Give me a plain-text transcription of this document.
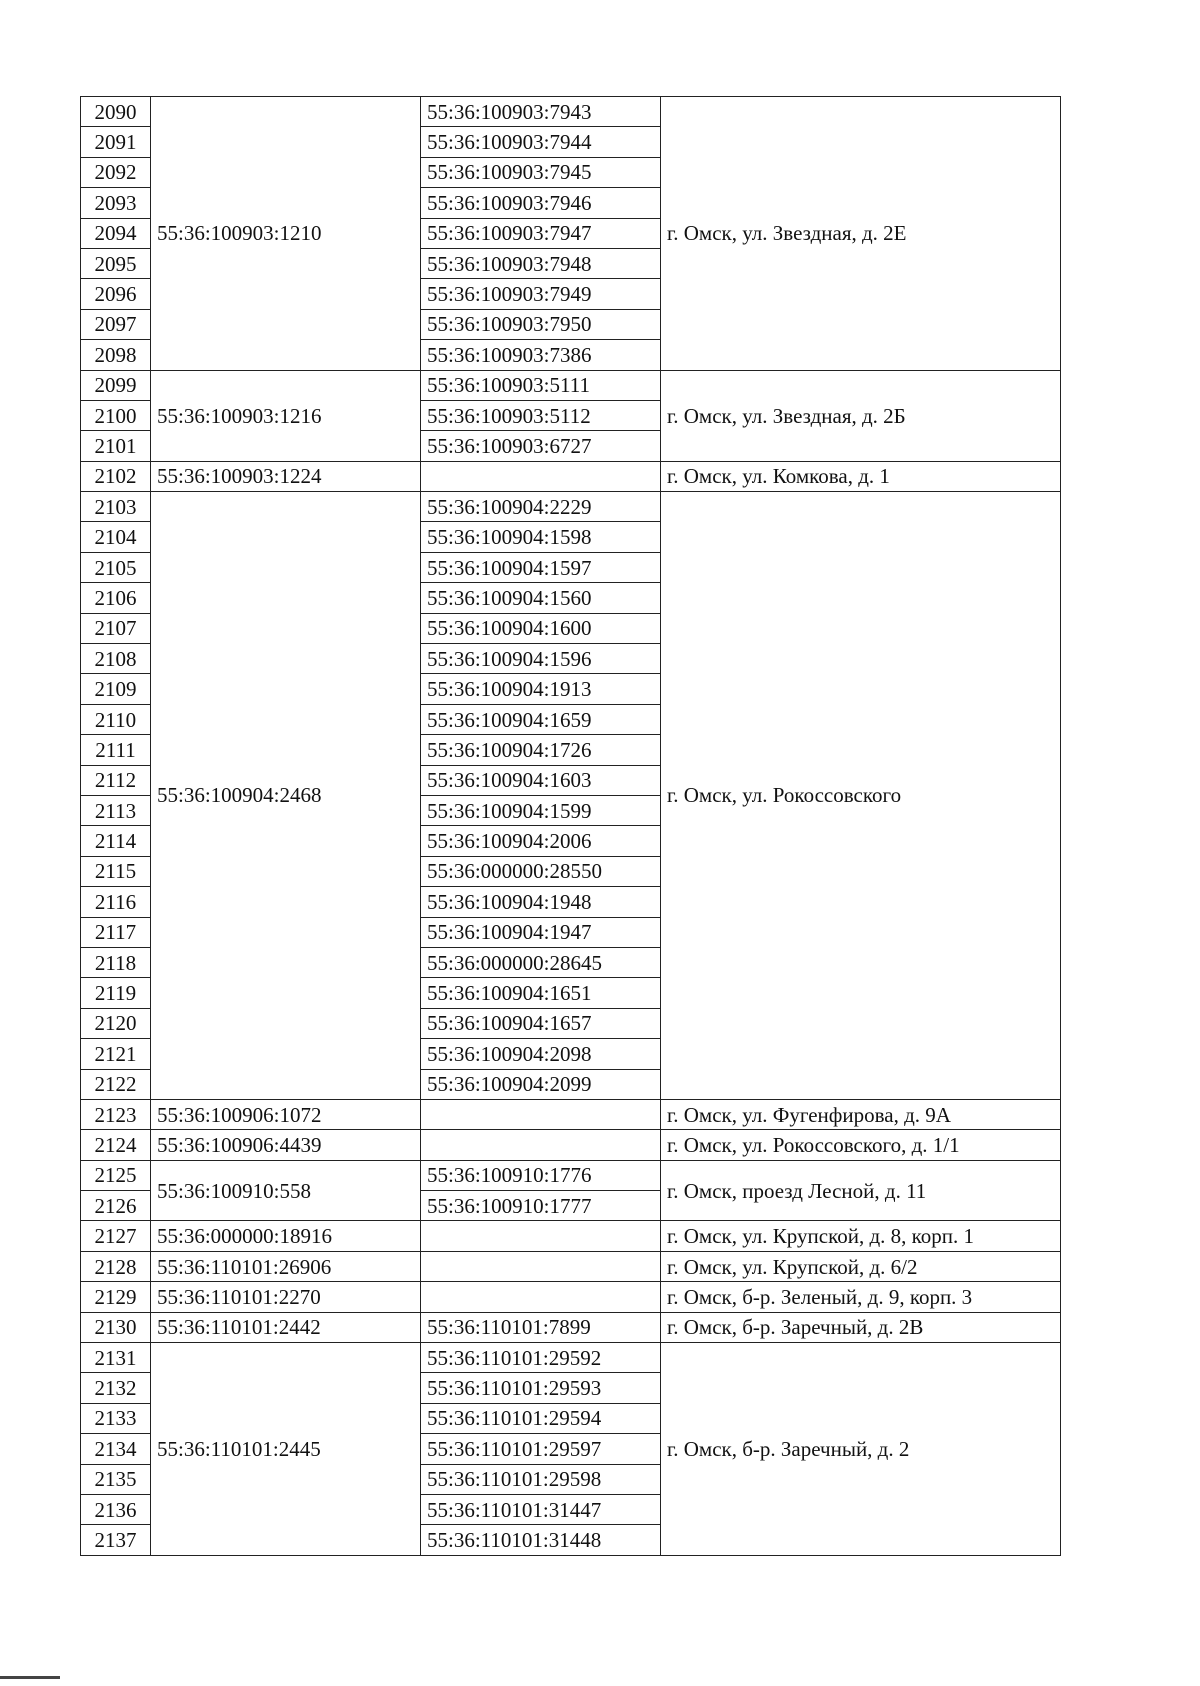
2090	55:36:100903:1210	55:36:100903:7943	г. Омск, ул. Звездная, д. 2Е
2091		55:36:100903:7944	
2092		55:36:100903:7945	
2093		55:36:100903:7946	
2094		55:36:100903:7947	
2095		55:36:100903:7948	
2096		55:36:100903:7949	
2097		55:36:100903:7950	
2098		55:36:100903:7386	
2099	55:36:100903:1216	55:36:100903:5111	г. Омск, ул. Звездная, д. 2Б
2100		55:36:100903:5112	
2101		55:36:100903:6727	
2102	55:36:100903:1224		г. Омск, ул. Комкова, д. 1
2103	55:36:100904:2468	55:36:100904:2229	г. Омск, ул. Рокоссовского
2104		55:36:100904:1598	
2105		55:36:100904:1597	
2106		55:36:100904:1560	
2107		55:36:100904:1600	
2108		55:36:100904:1596	
2109		55:36:100904:1913	
2110		55:36:100904:1659	
2111		55:36:100904:1726	
2112		55:36:100904:1603	
2113		55:36:100904:1599	
2114		55:36:100904:2006	
2115		55:36:000000:28550	
2116		55:36:100904:1948	
2117		55:36:100904:1947	
2118		55:36:000000:28645	
2119		55:36:100904:1651	
2120		55:36:100904:1657	
2121		55:36:100904:2098	
2122		55:36:100904:2099	
2123	55:36:100906:1072		г. Омск, ул. Фугенфирова, д. 9А
2124	55:36:100906:4439		г. Омск, ул. Рокоссовского, д. 1/1
2125	55:36:100910:558	55:36:100910:1776	г. Омск, проезд Лесной, д. 11
2126		55:36:100910:1777	
2127	55:36:000000:18916		г. Омск, ул. Крупской, д. 8, корп. 1
2128	55:36:110101:26906		г. Омск, ул. Крупской, д. 6/2
2129	55:36:110101:2270		г. Омск, б-р. Зеленый, д. 9, корп. 3
2130	55:36:110101:2442	55:36:110101:7899	г. Омск, б-р. Заречный, д. 2В
2131	55:36:110101:2445	55:36:110101:29592	г. Омск, б-р. Заречный, д. 2
2132		55:36:110101:29593	
2133		55:36:110101:29594	
2134		55:36:110101:29597	
2135		55:36:110101:29598	
2136		55:36:110101:31447	
2137		55:36:110101:31448	
